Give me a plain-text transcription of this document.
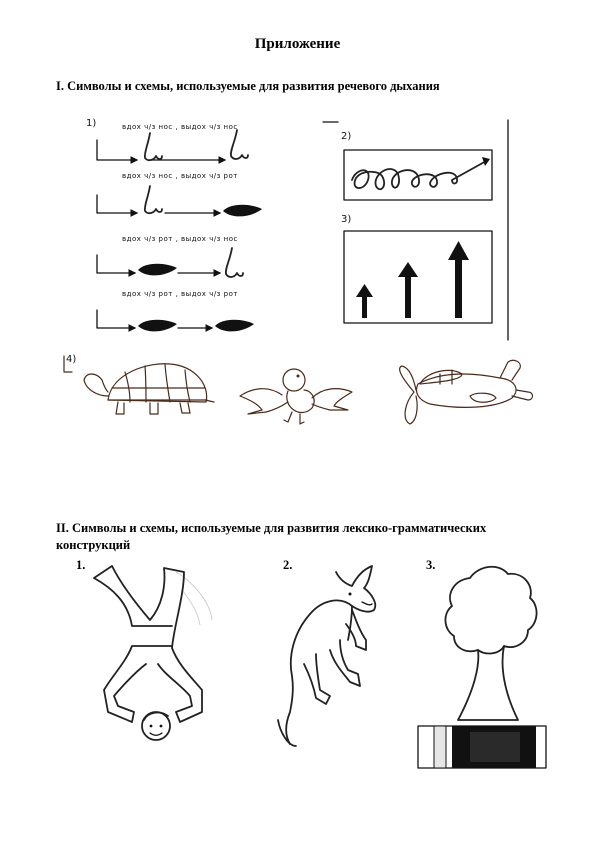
Приложение
I. Символы и схемы, используемые для развития речевого дыхания
1)	вдох ч/з нос , выдох ч/з нос
вдох ч/з нос , выдох ч/з рот
вдох ч/з рот , выдох ч/з нос
вдох ч/з рот , выдох ч/з рот
2)
3)
4)
II. Символы и схемы, используемые для развития лексико-грамматических конструкций
1.	2.	3.
